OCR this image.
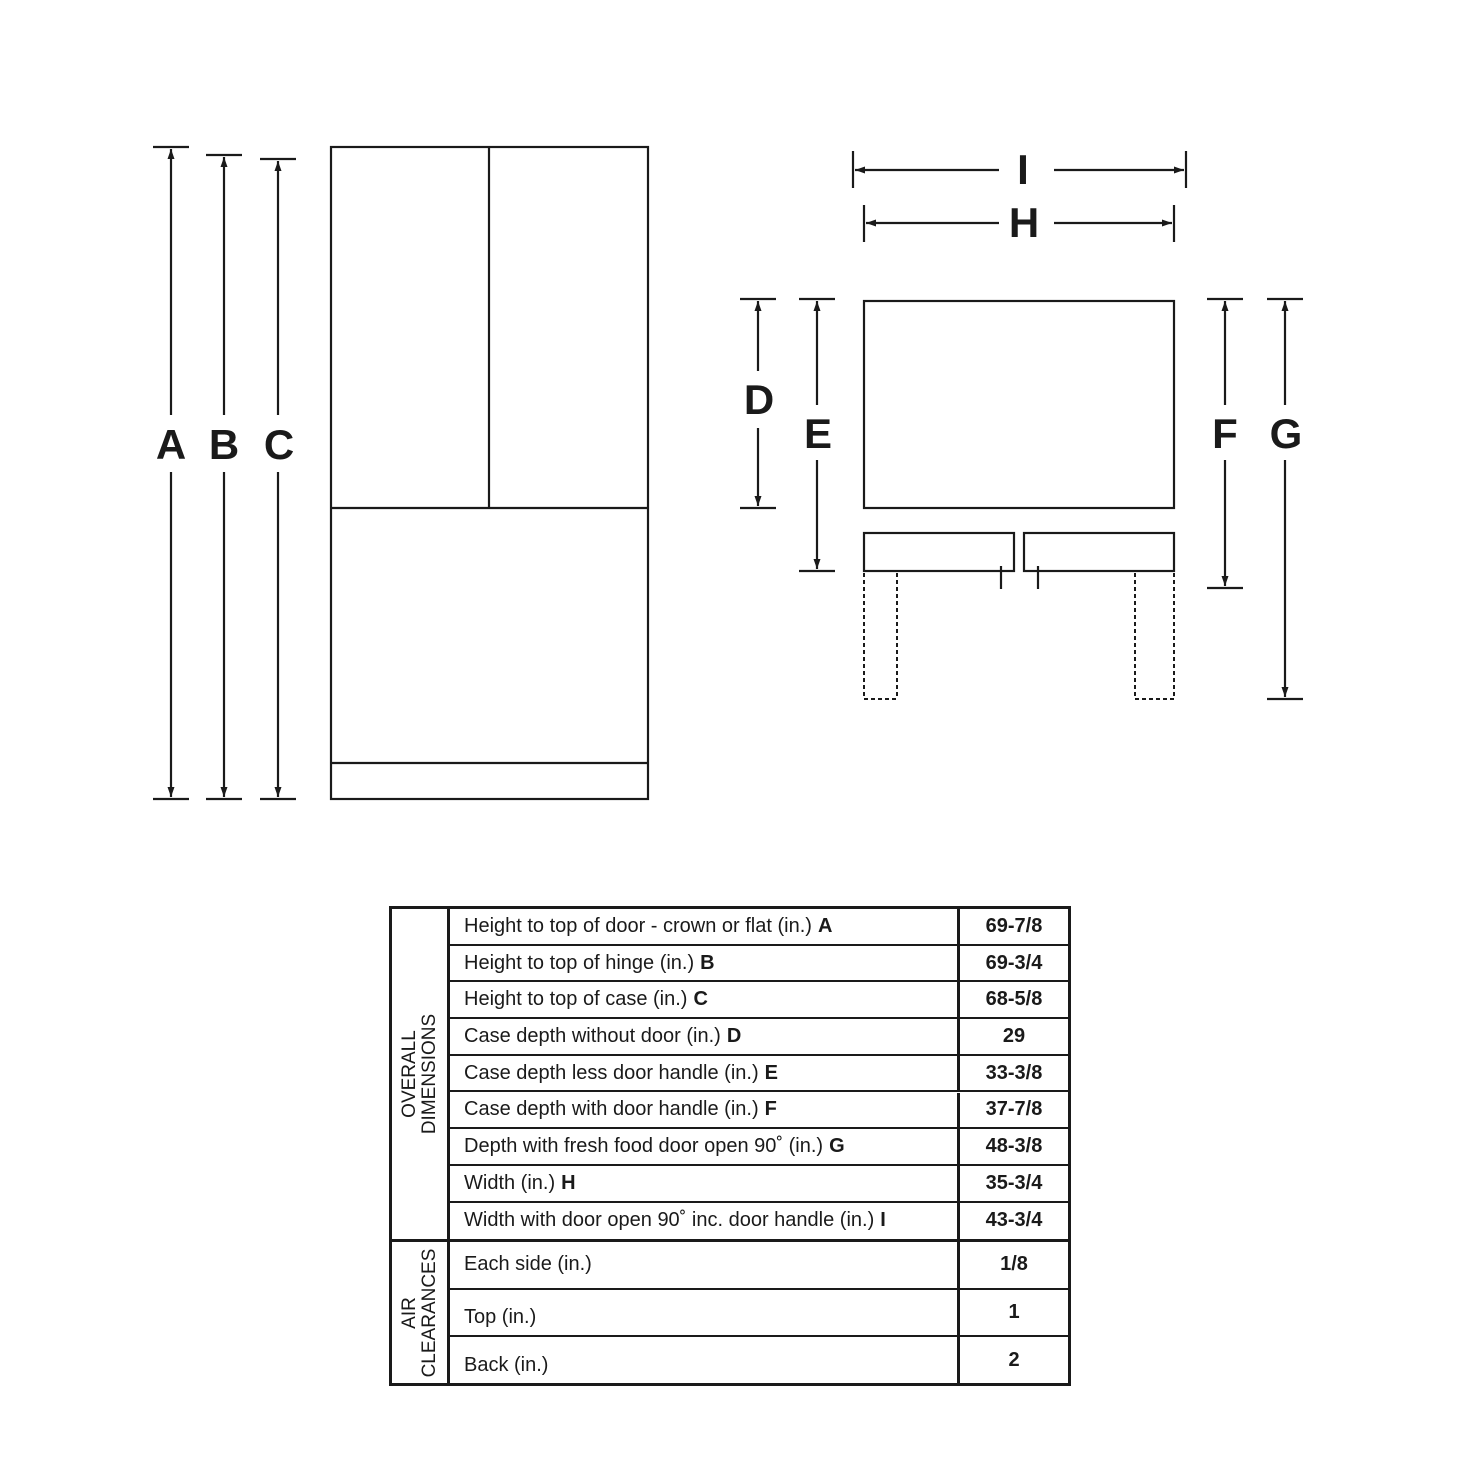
A B C
I
H
D
E	F G
OVERALL DIMENSIONS
Height to top of door - crown or flat (in.) A	69-7/8
Height to top of hinge (in.) B	69-3/4
Height to top of case (in.) C	68-5/8
Case depth without door (in.) D	29
Case depth less door handle (in.) E	33-3/8
Case depth with door handle (in.) F	37-7/8
Depth with fresh food door open 90˚ (in.) G	48-3/8
Width (in.) H	35-3/4
Width with door open 90˚ inc. door handle (in.) I	43-3/4
AIR CLEARANCES Each side (in.)	1/8
Top (in.)	1
Back (in.)	2
